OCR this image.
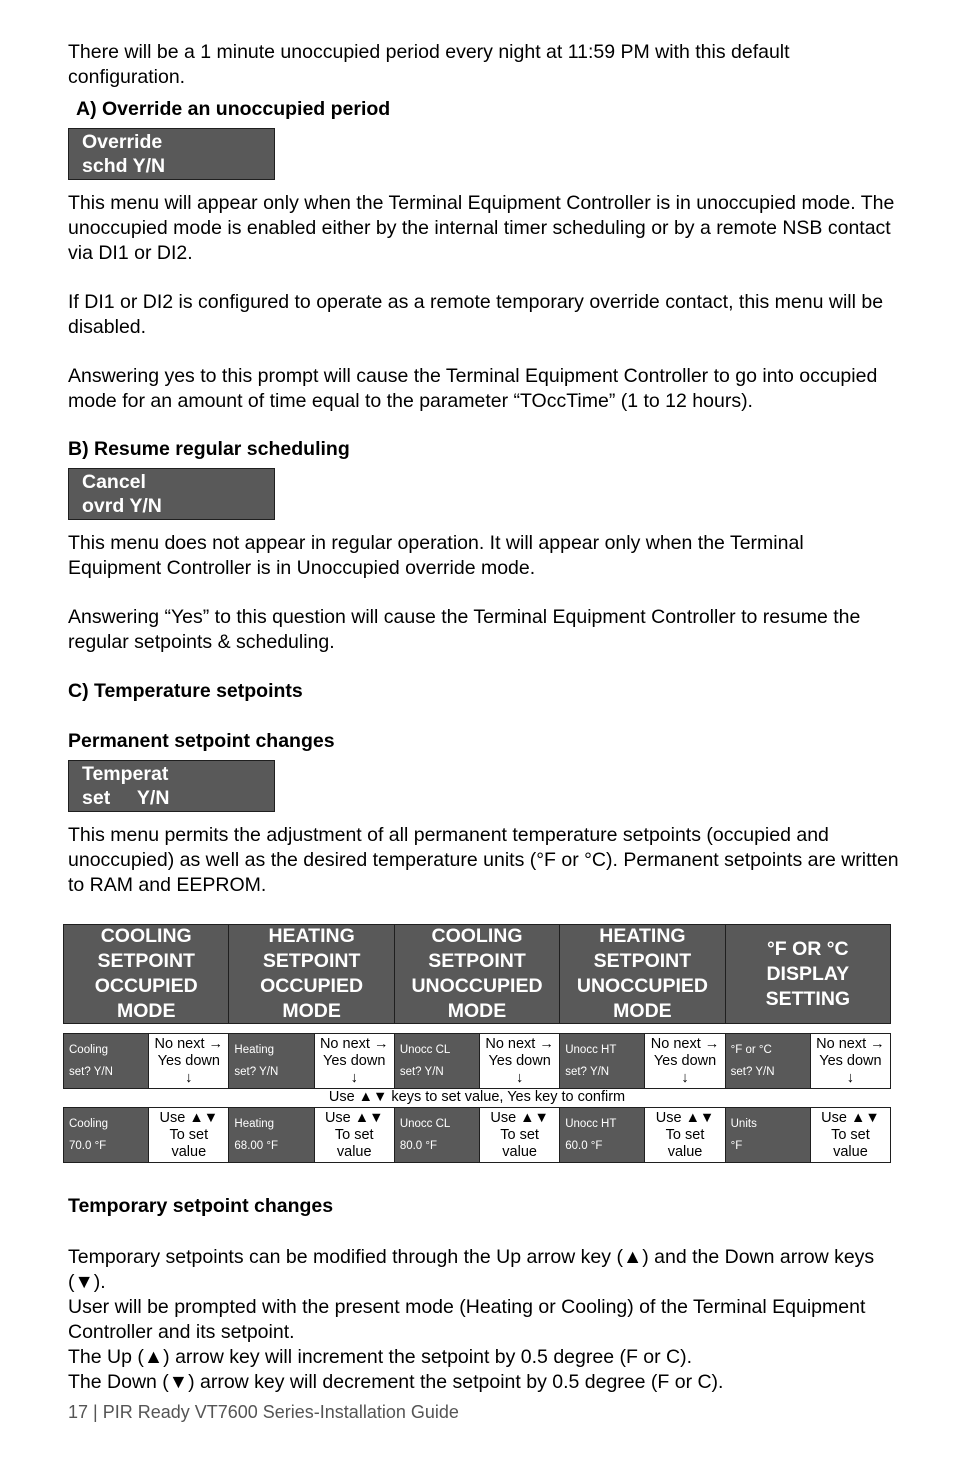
There will be a 1 minute unoccupied period every night at 11:59 PM with this default configuration.

A) Override an unoccupied period

Override
schd Y/N

This menu will appear only when the Terminal Equipment Controller is in unoccupied mode. The unoccupied mode is enabled either by the internal timer scheduling or by a remote NSB contact via DI1 or DI2.

If DI1 or DI2 is configured to operate as a remote temporary override contact, this menu will be disabled.

Answering yes to this prompt will cause the Terminal Equipment Controller to go into occupied mode for an amount of time equal to the parameter “TOccTime” (1 to 12 hours).

B) Resume regular scheduling

Cancel
ovrd Y/N

This menu does not appear in regular operation. It will appear only when the Terminal Equipment Controller is in Unoccupied override mode.

Answering “Yes” to this question will cause the Terminal Equipment Controller to resume the regular setpoints & scheduling.

C) Temperature setpoints

Permanent setpoint changes

Temperat
set     Y/N

This menu permits the adjustment of all permanent temperature setpoints (occupied and unoccupied) as well as the desired temperature units (°F or °C). Permanent setpoints are written to RAM and EEPROM.

COOLING
SETPOINT
OCCUPIED
MODE
HEATING
SETPOINT
OCCUPIED
MODE
COOLING
SETPOINT
UNOCCUPIED
MODE
HEATING
SETPOINT
UNOCCUPIED
MODE
°F OR °C
DISPLAY
SETTING
Cooling
set? Y/N
No next →
Yes down
↓
Heating
set? Y/N
No next →
Yes down
↓
Unocc CL
set? Y/N
No next →
Yes down
↓
Unocc HT
set? Y/N
No next →
Yes down
↓
°F or °C
set? Y/N
No next →
Yes down
↓
Use ▲▼ keys to set value, Yes key to confirm
Cooling
70.0 °F
Use ▲▼
To set
value
Heating
68.00 °F
Use ▲▼
To set
value
Unocc CL
80.0 °F
Use ▲▼
To set
value
Unocc HT
60.0 °F
Use ▲▼
To set
value
Units
°F
Use ▲▼
To set
value

Temporary setpoint changes

Temporary setpoints can be modified through the Up arrow key (▲) and the Down arrow keys (▼).

User will be prompted with the present mode (Heating or Cooling) of the Terminal Equipment Controller and its setpoint.

The Up (▲) arrow key will increment the setpoint by 0.5 degree (F or C).

The Down (▼) arrow key will decrement the setpoint by 0.5 degree (F or C).

17 | PIR Ready VT7600 Series-Installation Guide
